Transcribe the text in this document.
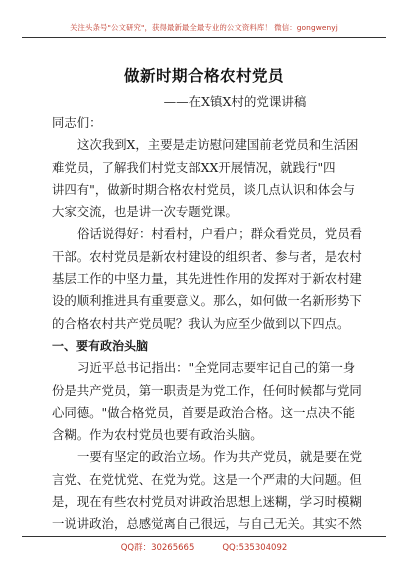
关注头条号"公文研究"，获得最新最全最专业的公文资料库！ 微信：gongwenyj
做新时期合格农村党员
——在X镇X村的党课讲稿

同志们：

这次我到X，主要是走访慰问建国前老党员和生活困

难党员，了解我们村党支部XX开展情况，就践行"四

讲四有"，做新时期合格农村党员，谈几点认识和体会与

大家交流，也是讲一次专题党课。

俗话说得好：村看村，户看户；群众看党员，党员看

干部。农村党员是新农村建设的组织者、参与者，是农村

基层工作的中坚力量，其先进性作用的发挥对于新农村建

设的顺利推进具有重要意义。那么，如何做一名新形势下

的合格农村共产党员呢？我认为应至少做到以下四点。

一、要有政治头脑

习近平总书记指出："全党同志要牢记自己的第一身

份是共产党员，第一职责是为党工作，任何时候都与党同

心同德。"做合格党员，首要是政治合格。这一点决不能

含糊。作为农村党员也要有政治头脑。

一要有坚定的政治立场。作为共产党员，就是要在党

言党、在党忧党、在党为党。这是一个严肃的大问题。但

是，现在有些农村党员对讲政治思想上迷糊，学习时模糊

一说讲政治，总感觉离自己很远，与自己无关。其实不然

QQ群：30265665	QQ:535304092
